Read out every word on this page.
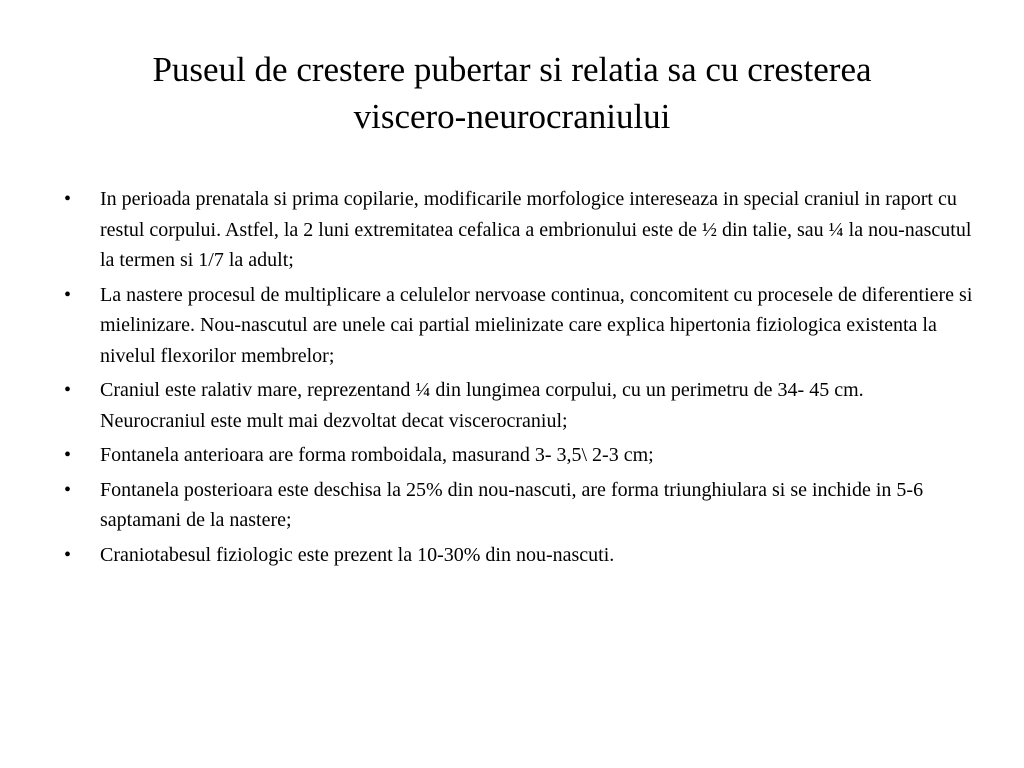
Puseul de crestere pubertar si relatia sa cu cresterea
viscero-neurocraniului
•	In perioada prenatala si prima copilarie, modificarile morfologice intereseaza in special craniul in raport cu restul corpului. Astfel, la 2 luni extremitatea cefalica a embrionului este de ½ din talie, sau ¼ la nou-nascutul la termen si 1/7 la adult;
•	La nastere procesul de multiplicare a celulelor nervoase continua, concomitent cu procesele de diferentiere si mielinizare. Nou-nascutul are unele cai partial mielinizate care explica hipertonia fiziologica existenta la nivelul flexorilor membrelor;
•	Craniul este ralativ mare, reprezentand ¼ din lungimea corpului, cu un perimetru de 34- 45 cm. Neurocraniul este mult mai dezvoltat decat viscerocraniul;
•	Fontanela anterioara are forma romboidala, masurand 3- 3,5\ 2-3 cm;
•	Fontanela posterioara este deschisa la 25% din nou-nascuti, are forma triunghiulara si se inchide in 5-6 saptamani de la nastere;
•	Craniotabesul fiziologic este prezent la 10-30% din nou-nascuti.
